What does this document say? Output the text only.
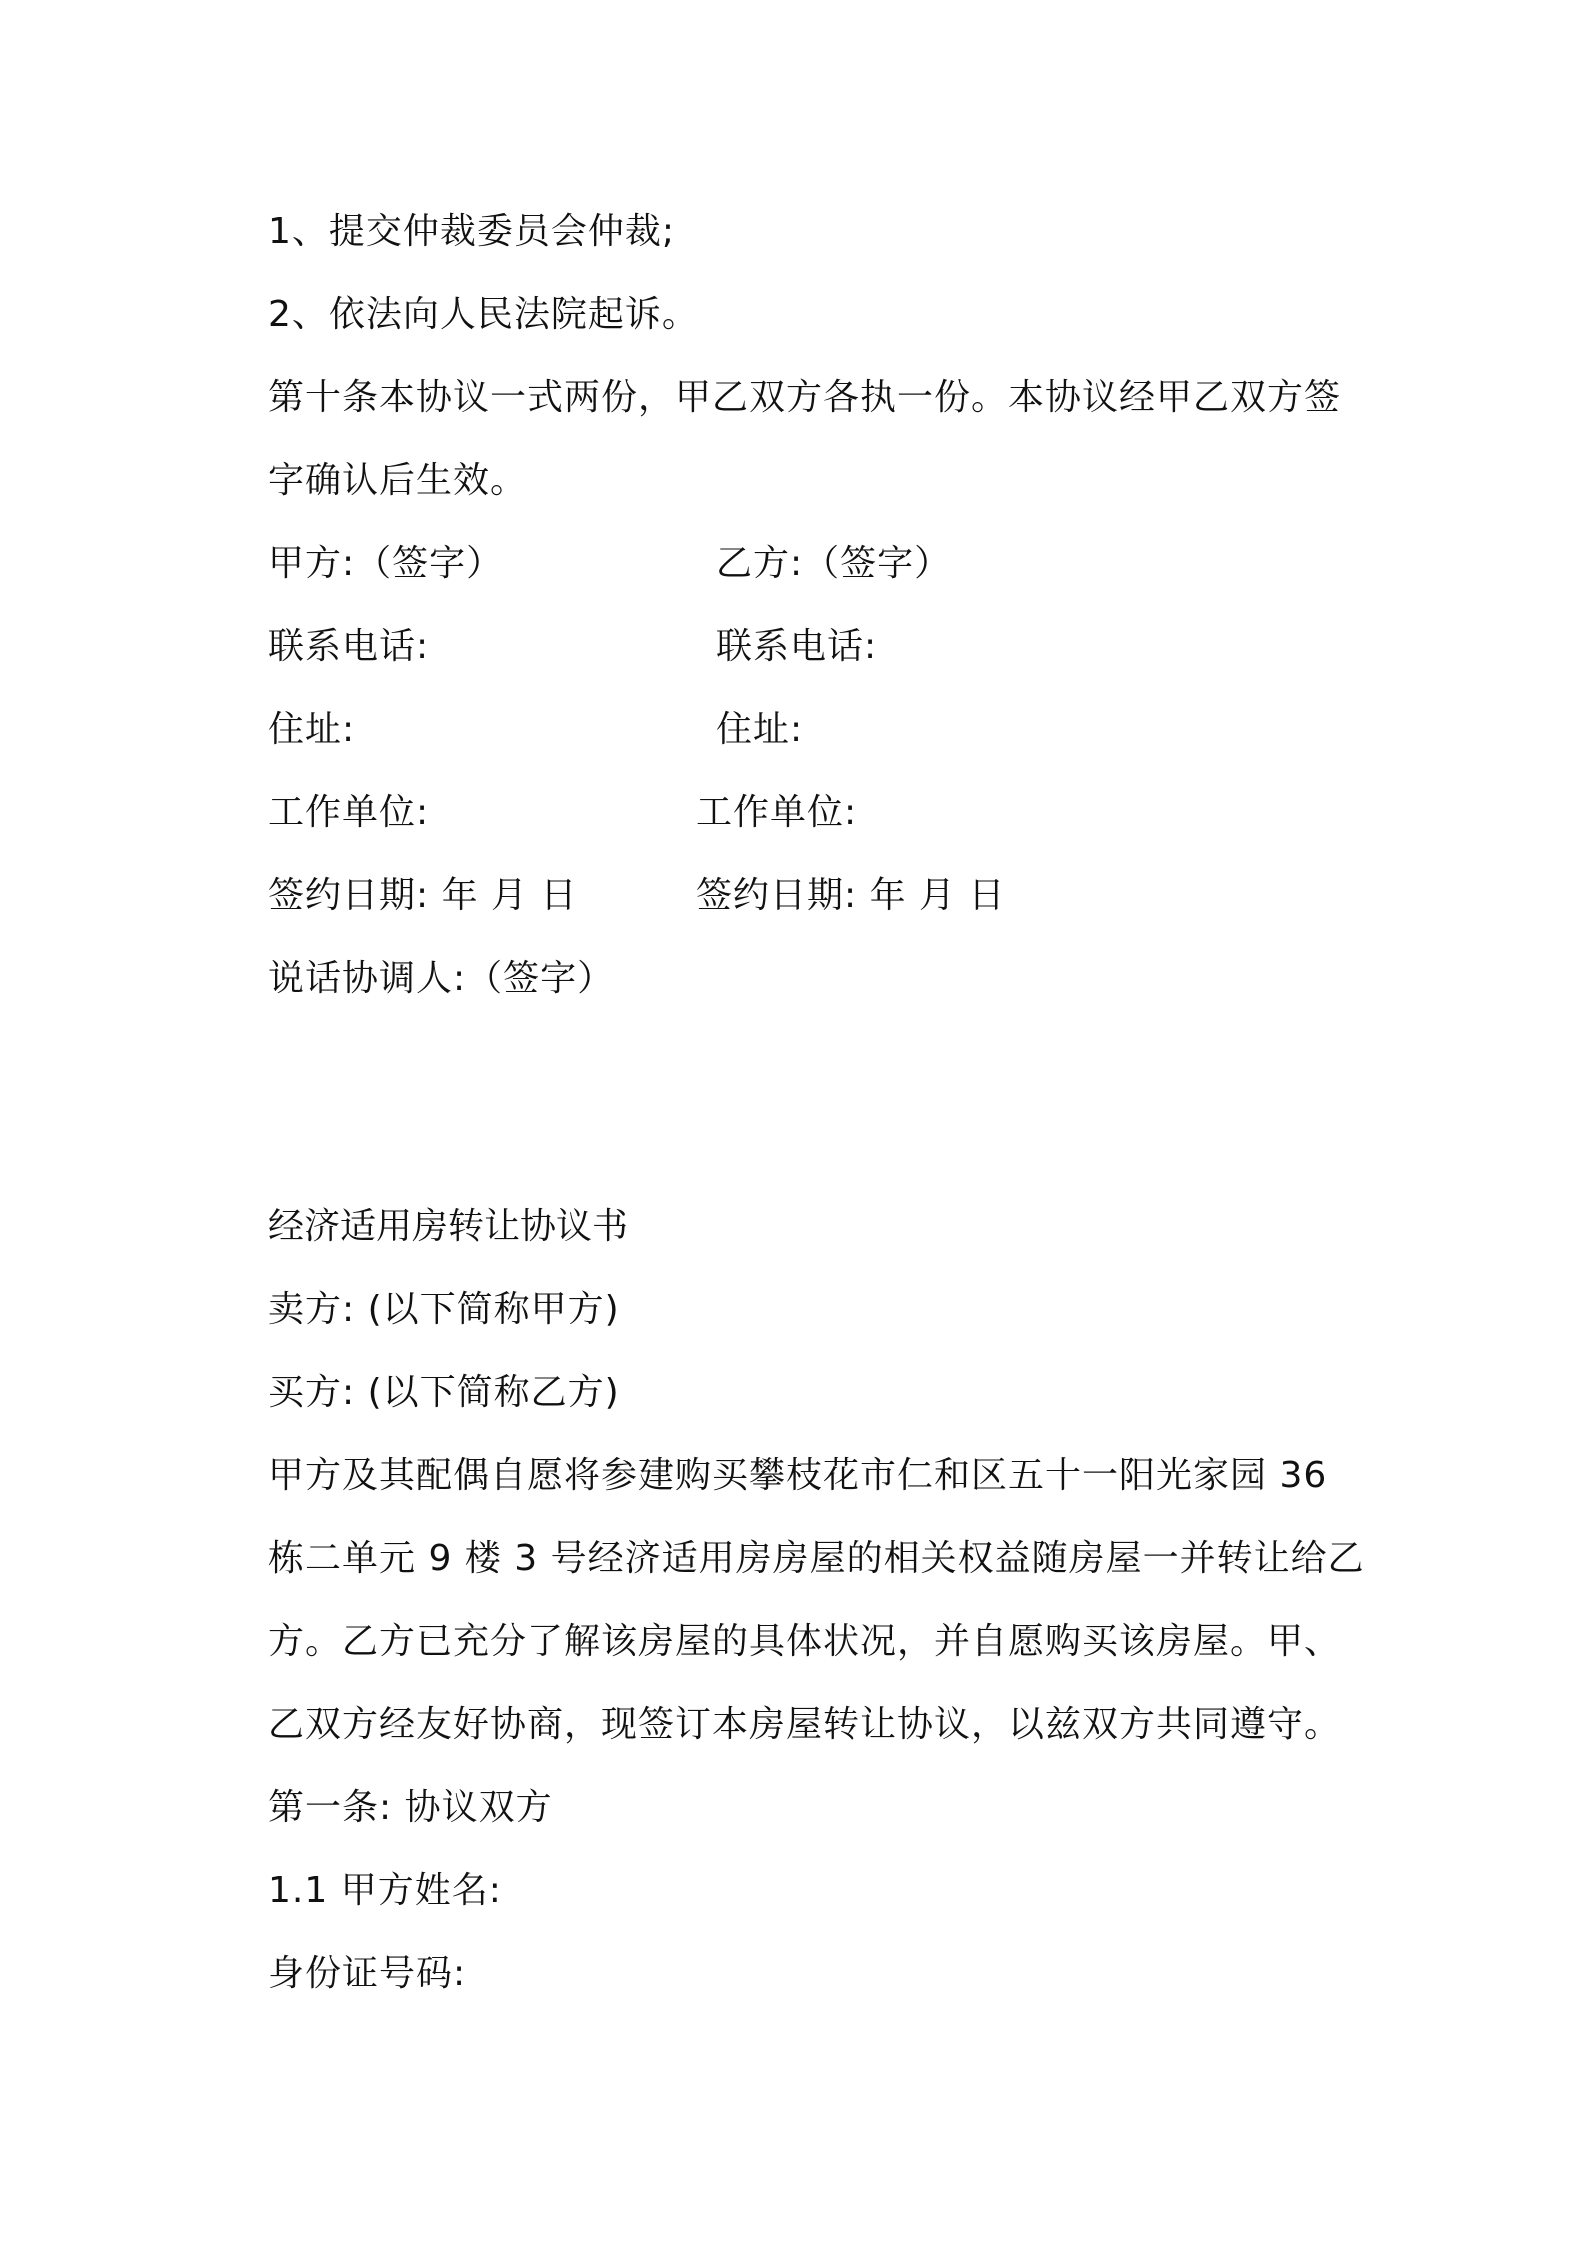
1、提交仲裁委员会仲裁;
2、依法向人民法院起诉。
第十条本协议一式两份，甲乙双方各执一份。本协议经甲乙双方签
字确认后生效。
甲方:（签字）	乙方:（签字）
联系电话:	联系电话:
住址:	住址:
工作单位:	工作单位:
签约日期: 年 月 日	签约日期: 年 月 日
说话协调人:（签字）
经济适用房转让协议书
卖方: (以下简称甲方)
买方: (以下简称乙方)
甲方及其配偶自愿将参建购买攀枝花市仁和区五十一阳光家园 36
栋二单元 9 楼 3 号经济适用房房屋的相关权益随房屋一并转让给乙
方。乙方已充分了解该房屋的具体状况，并自愿购买该房屋。甲、
乙双方经友好协商，现签订本房屋转让协议，以兹双方共同遵守。
第一条: 协议双方
1.1 甲方姓名:
身份证号码:
